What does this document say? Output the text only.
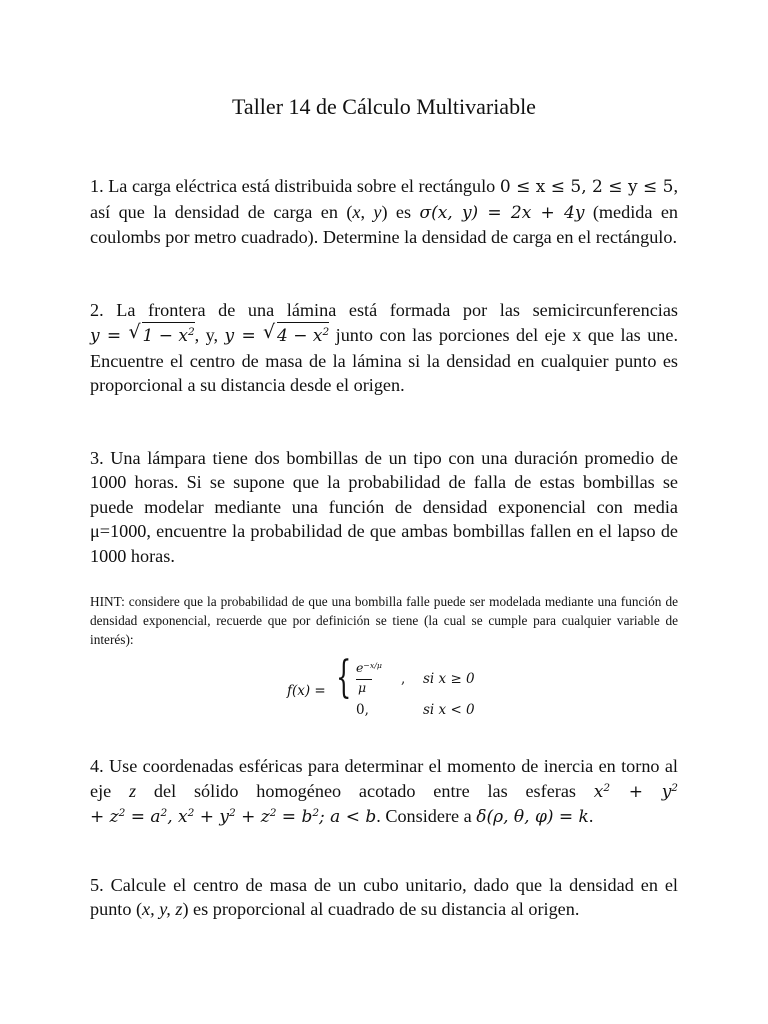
Taller 14 de Cálculo Multivariable

1. La carga eléctrica está distribuida sobre el rectángulo 0 ≤ x ≤ 5, 2 ≤ y ≤ 5, así que la densidad de carga en (x, y) es σ(x, y) = 2x + 4y (medida en coulombs por metro cuadrado). Determine la densidad de carga en el rectángulo.

2. La frontera de una lámina está formada por las semicircunferencias y = √ $1 - x^2$, y, y = √ $4 - x^2$ junto con las porciones del eje x que las une. Encuentre el centro de masa de la lámina si la densidad en cualquier punto es proporcional a su distancia desde el origen.

3. Una lámpara tiene dos bombillas de un tipo con una duración promedio de 1000 horas. Si se supone que la probabilidad de falla de estas bombillas se puede modelar mediante una función de densidad exponencial con media μ=1000, encuentre la probabilidad de que ambas bombillas fallen en el lapso de 1000 horas.

HINT: considere que la probabilidad de que una bombilla falle puede ser modelada mediante una función de densidad exponencial, recuerde que por definición se tiene (la cual se cumple para cualquier variable de interés):

f(x) = { $e^{-x/\mu}$
μ
, si x ≥ 0
0,	si x < 0

4. Use coordenadas esféricas para determinar el momento de inercia en torno al eje z del sólido homogéneo acotado entre las esferas $x^2 + y^2 + z^2 = a^2$, $x^2 + y^2 + z^2 = b^2$; a < b. Considere a δ(ρ, θ, φ) = k.

5. Calcule el centro de masa de un cubo unitario, dado que la densidad en el punto (x, y, z) es proporcional al cuadrado de su distancia al origen.
